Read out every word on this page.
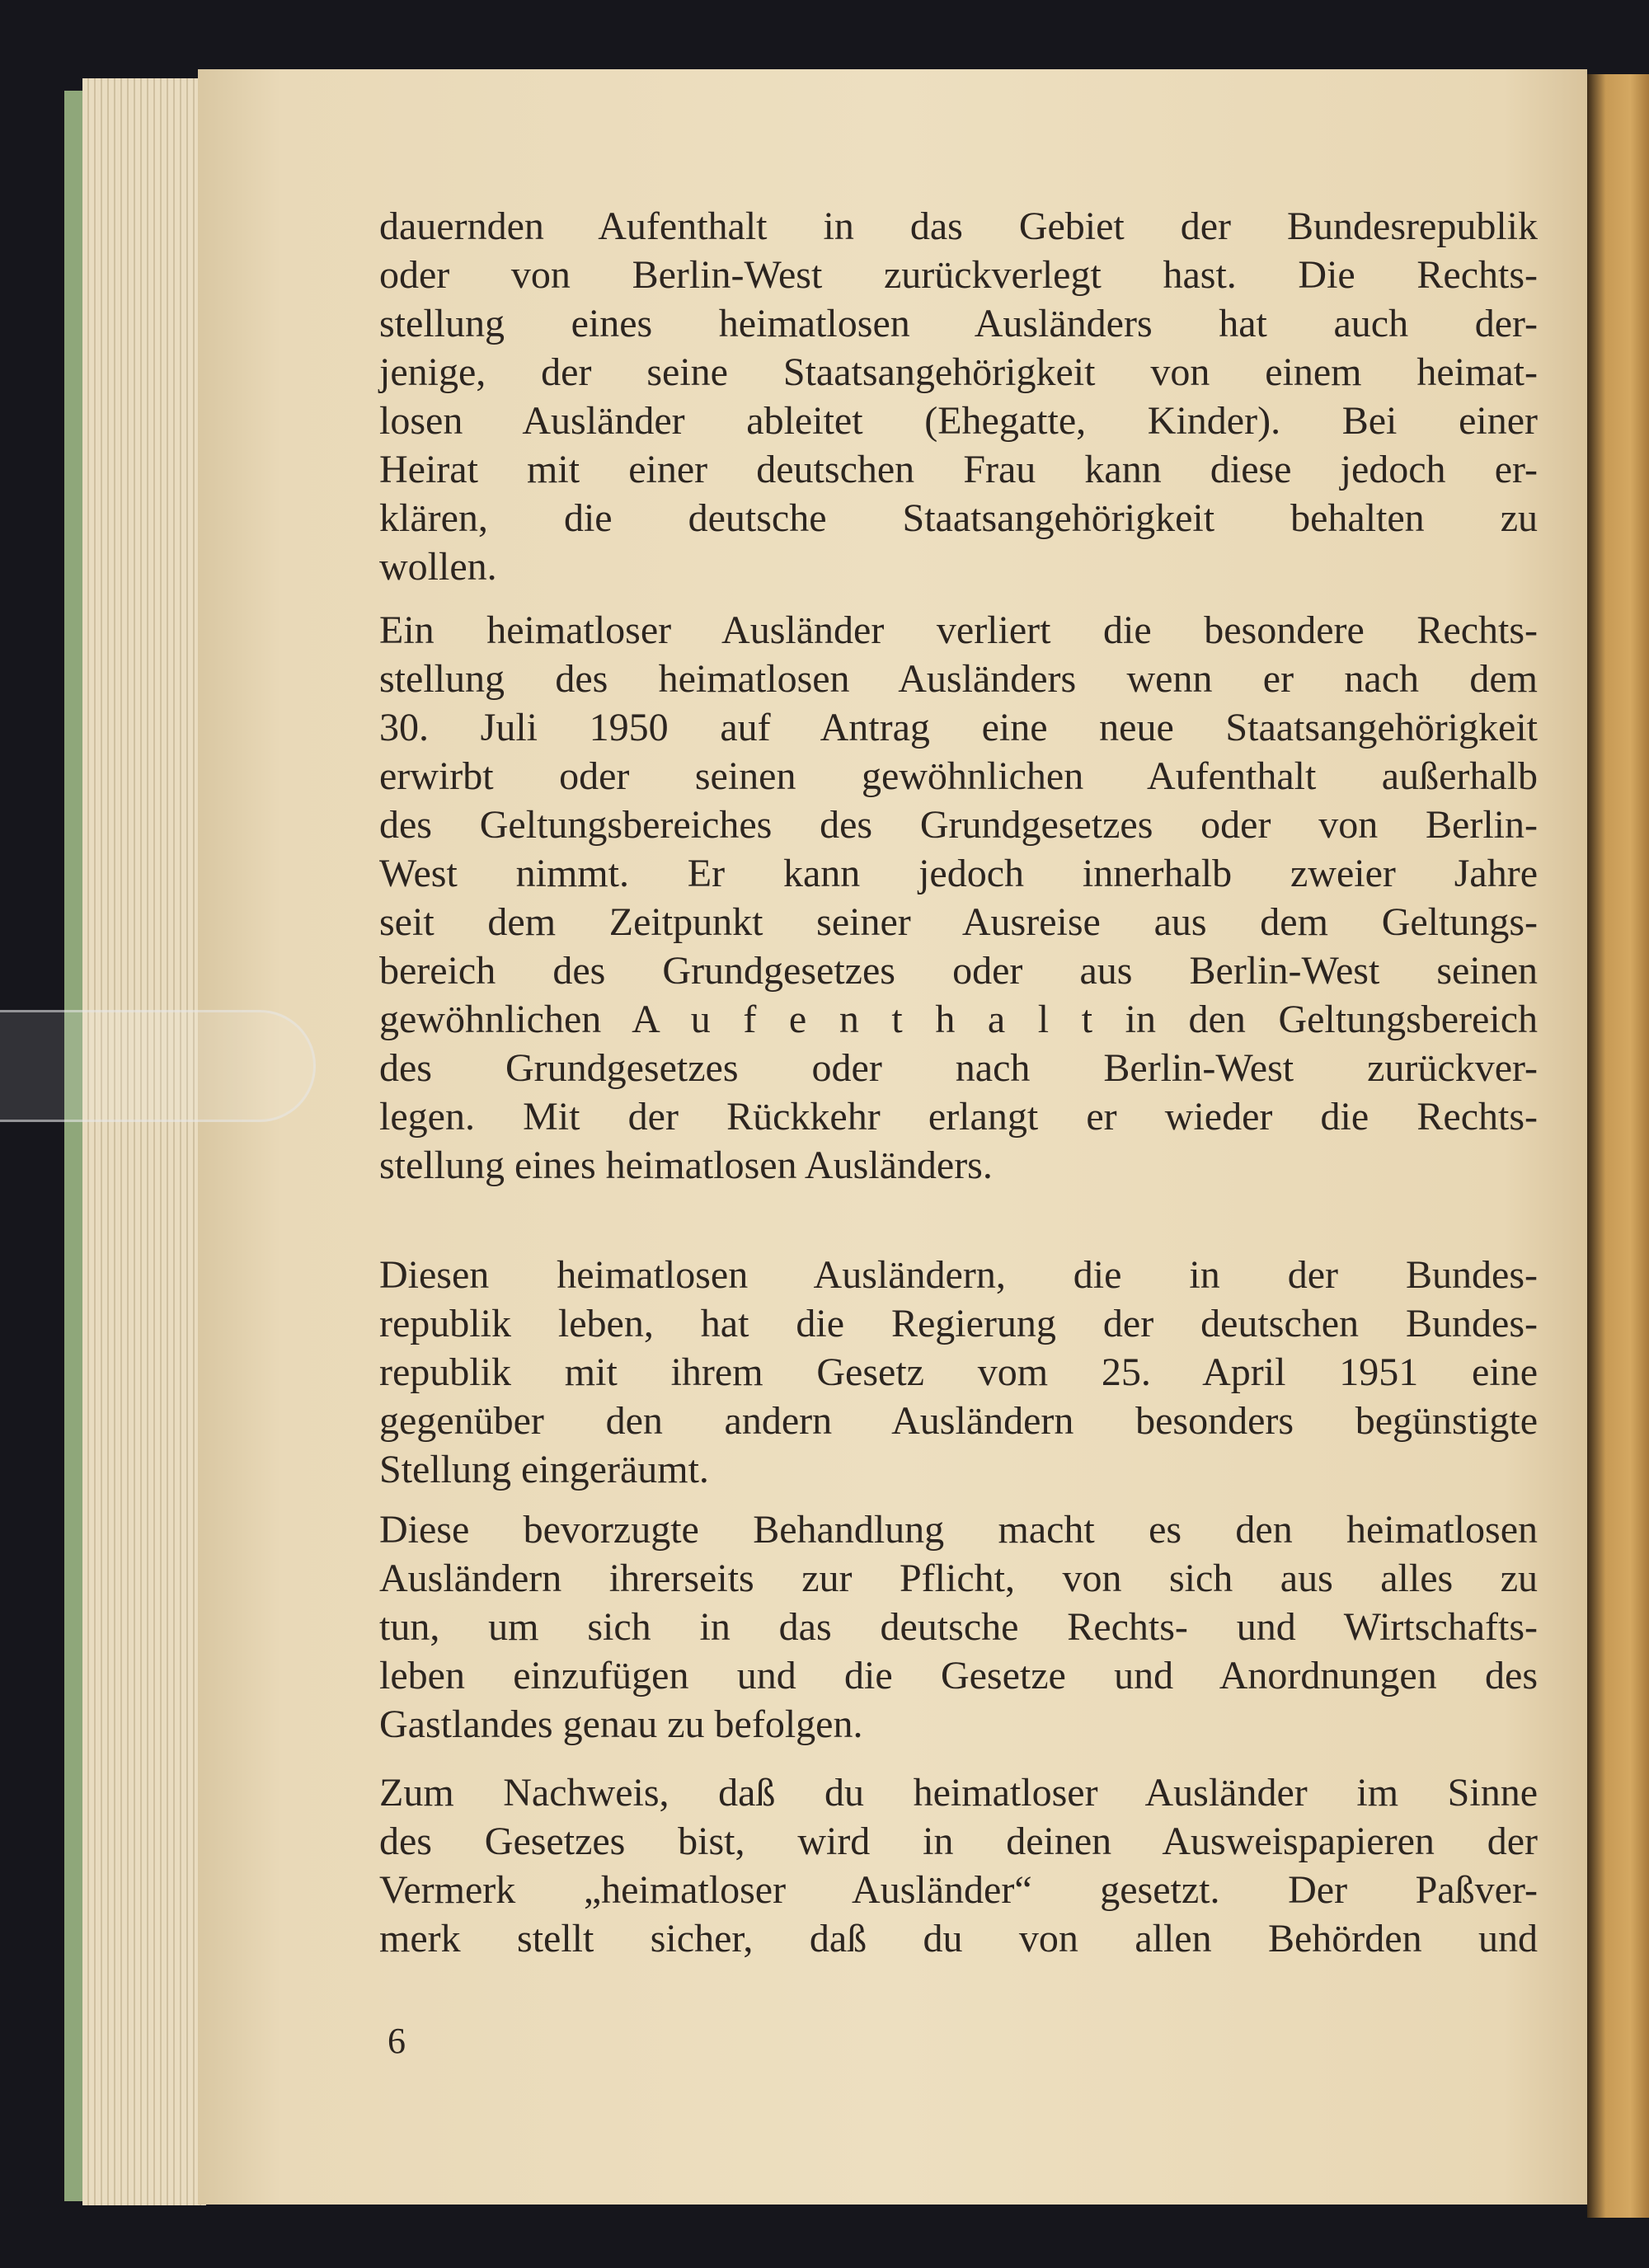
dauernden Aufenthalt in das Gebiet der Bundesrepublik
oder von Berlin-West zurückverlegt hast. Die Rechts-
stellung eines heimatlosen Ausländers hat auch der-
jenige, der seine Staatsangehörigkeit von einem heimat-
losen Ausländer ableitet (Ehegatte, Kinder). Bei einer
Heirat mit einer deutschen Frau kann diese jedoch er-
klären, die deutsche Staatsangehörigkeit behalten zu
wollen.
Ein heimatloser Ausländer verliert die besondere Rechts-
stellung des heimatlosen Ausländers wenn er nach dem
30. Juli 1950 auf Antrag eine neue Staatsangehörigkeit
erwirbt oder seinen gewöhnlichen Aufenthalt außerhalb
des Geltungsbereiches des Grundgesetzes oder von Berlin-
West nimmt. Er kann jedoch innerhalb zweier Jahre
seit dem Zeitpunkt seiner Ausreise aus dem Geltungs-
bereich des Grundgesetzes oder aus Berlin-West seinen
gewöhnlichen A u f e n t h a l t in den Geltungsbereich
des Grundgesetzes oder nach Berlin-West zurückver-
legen. Mit der Rückkehr erlangt er wieder die Rechts-
stellung eines heimatlosen Ausländers.
Diesen heimatlosen Ausländern, die in der Bundes-
republik leben, hat die Regierung der deutschen Bundes-
republik mit ihrem Gesetz vom 25. April 1951 eine
gegenüber den andern Ausländern besonders begünstigte
Stellung eingeräumt.
Diese bevorzugte Behandlung macht es den heimatlosen
Ausländern ihrerseits zur Pflicht, von sich aus alles zu
tun, um sich in das deutsche Rechts- und Wirtschafts-
leben einzufügen und die Gesetze und Anordnungen des
Gastlandes genau zu befolgen.
Zum Nachweis, daß du heimatloser Ausländer im Sinne
des Gesetzes bist, wird in deinen Ausweispapieren der
Vermerk „heimatloser Ausländer“ gesetzt. Der Paßver-
merk stellt sicher, daß du von allen Behörden und
6
